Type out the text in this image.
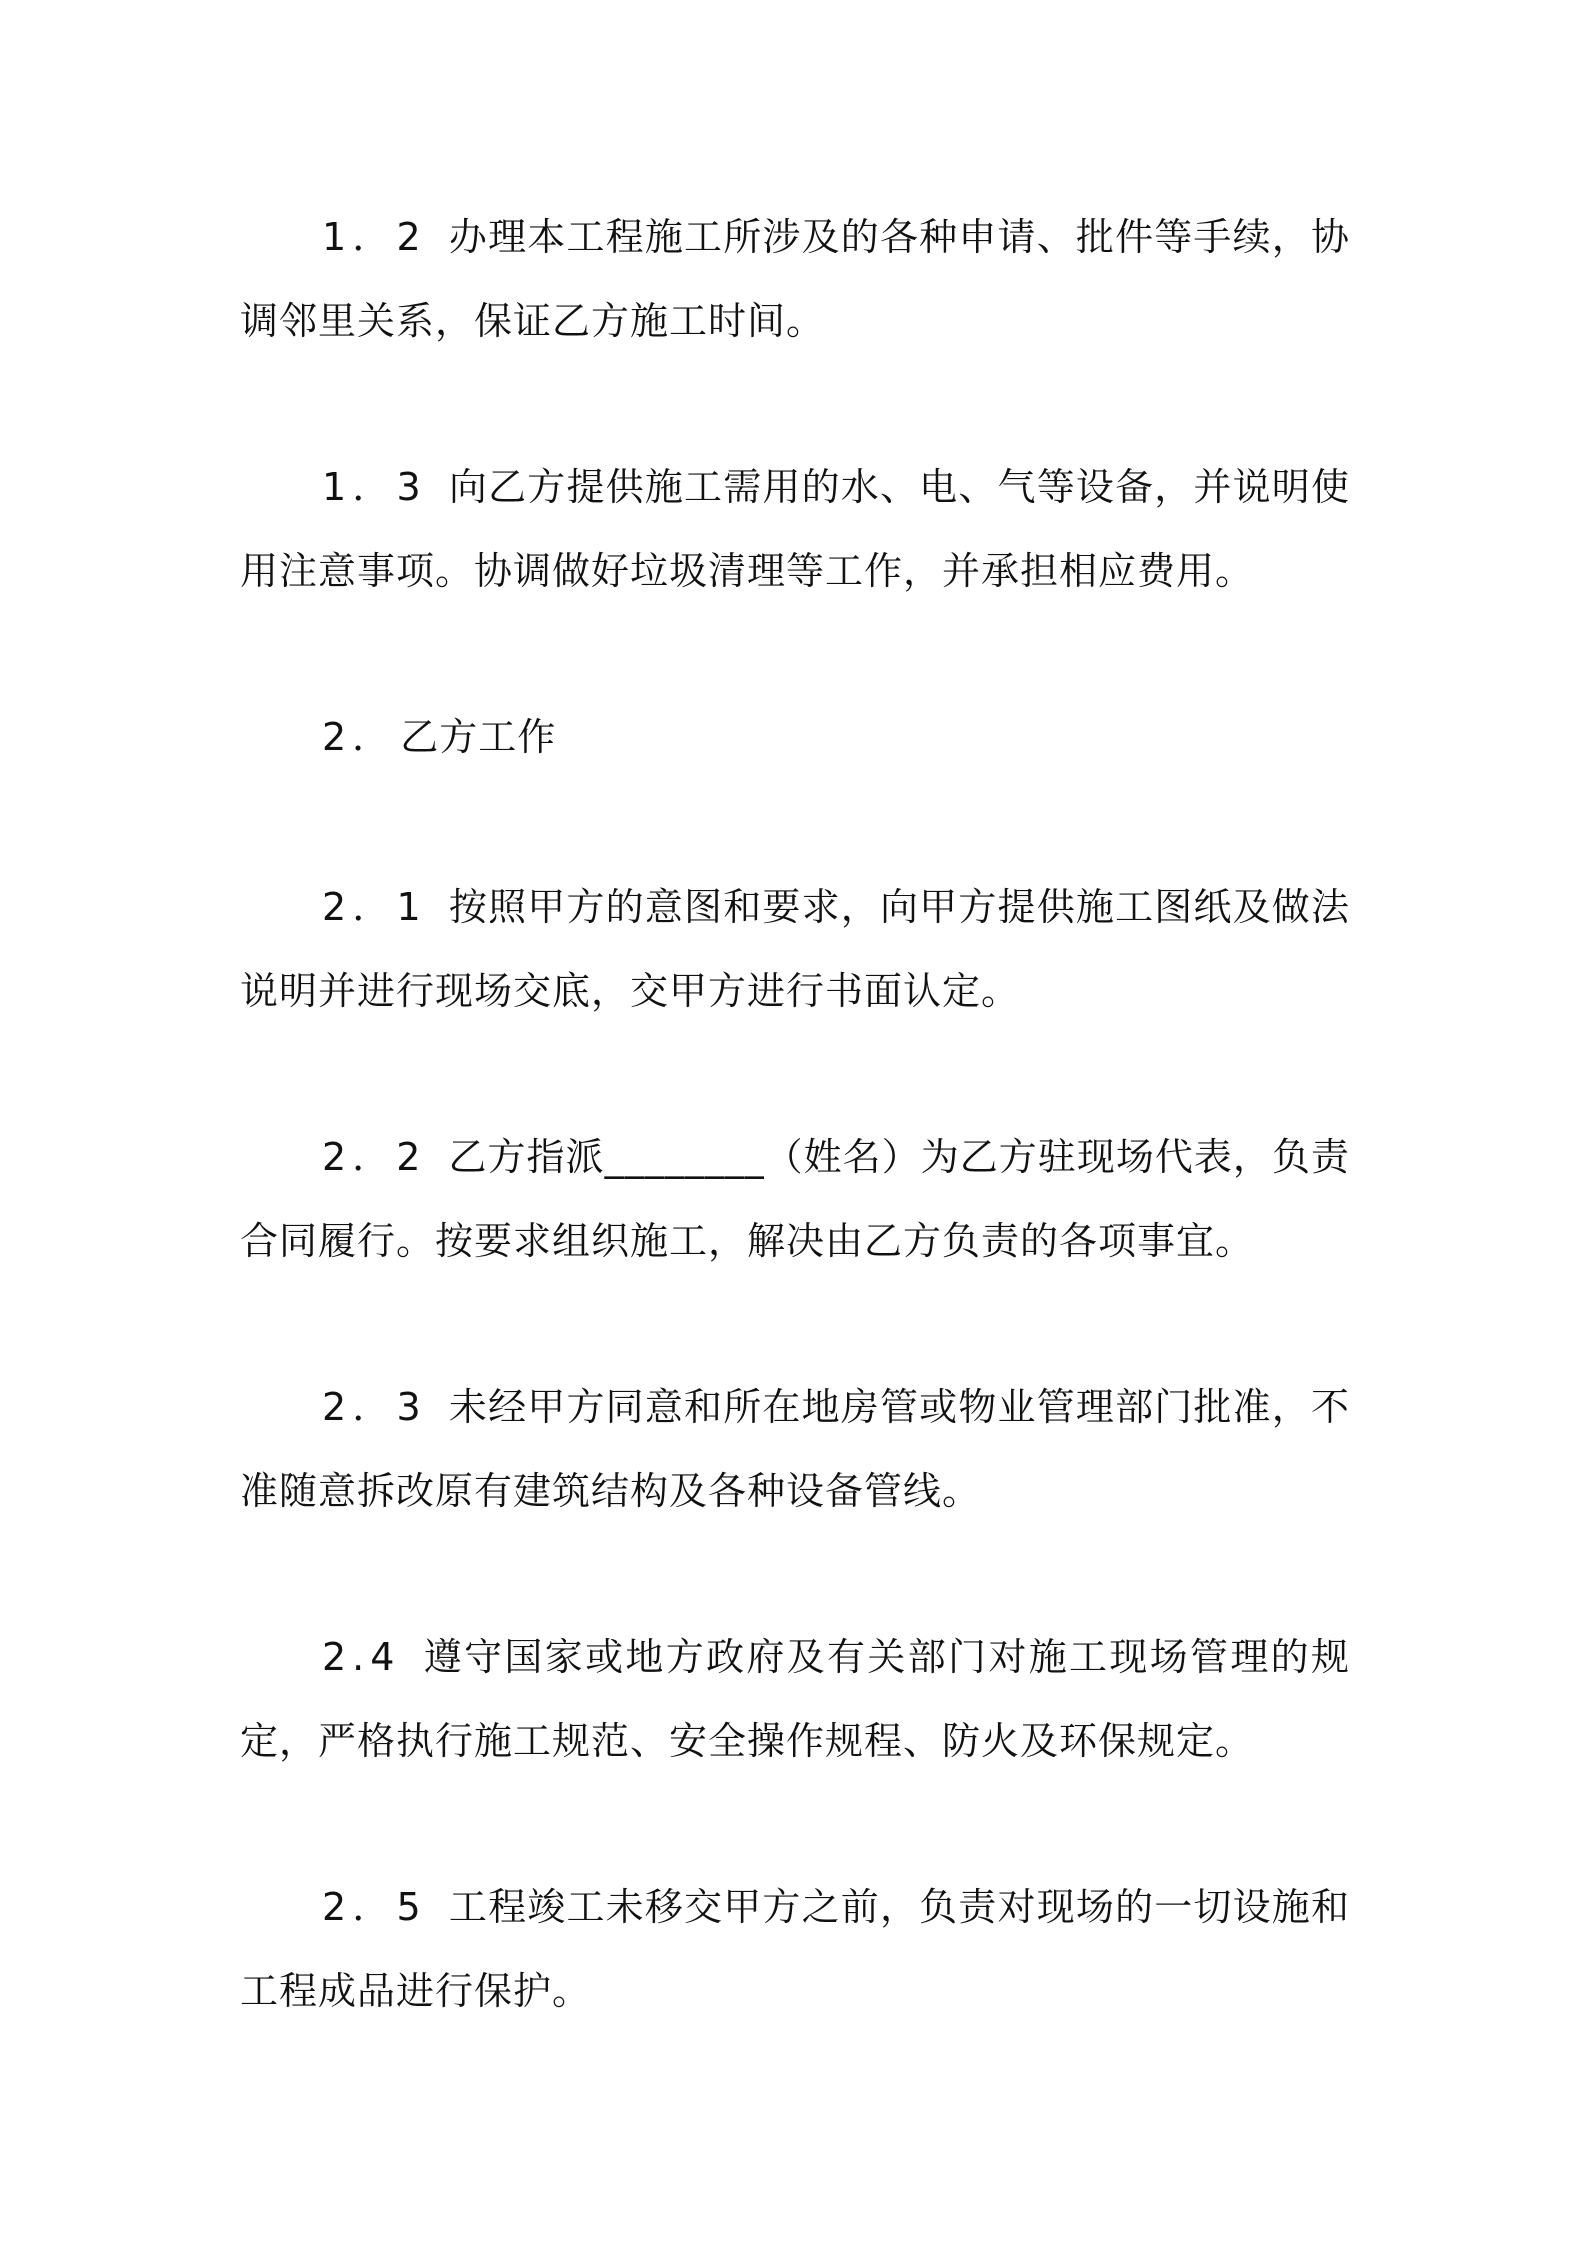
1．2 办理本工程施工所涉及的各种申请、批件等手续，协调邻里关系，保证乙方施工时间。

1．3 向乙方提供施工需用的水、电、气等设备，并说明使用注意事项。协调做好垃圾清理等工作，并承担相应费用。

2． 乙方工作

2．1 按照甲方的意图和要求，向甲方提供施工图纸及做法说明并进行现场交底，交甲方进行书面认定。

2．2 乙方指派________（姓名）为乙方驻现场代表，负责合同履行。按要求组织施工，解决由乙方负责的各项事宜。

2．3 未经甲方同意和所在地房管或物业管理部门批准，不准随意拆改原有建筑结构及各种设备管线。

2.4 遵守国家或地方政府及有关部门对施工现场管理的规定，严格执行施工规范、安全操作规程、防火及环保规定。

2．5 工程竣工未移交甲方之前，负责对现场的一切设施和工程成品进行保护。
